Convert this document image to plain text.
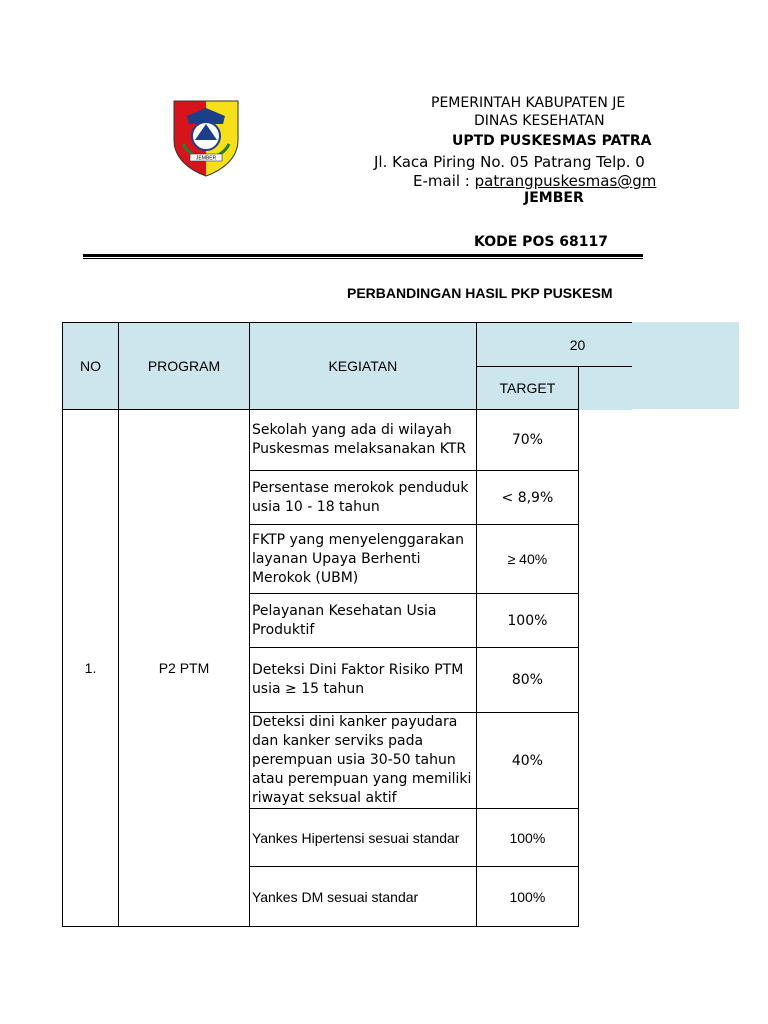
JEMBER
PEMERINTAH KABUPATEN JE
DINAS KESEHATAN
UPTD PUSKESMAS PATRA
Jl. Kaca Piring No. 05 Patrang Telp. 0
E-mail : patrangpuskesmas@gm
JEMBER
KODE POS 68117
PERBANDINGAN HASIL PKP PUSKESM
NO	PROGRAM	KEGIATAN	20	
			TARGET	
1.	P2 PTM	Sekolah yang ada di wilayah Puskesmas melaksanakan KTR	70%	
		Persentase merokok penduduk usia 10 - 18 tahun	< 8,9%	
		FKTP yang menyelenggarakan layanan Upaya Berhenti Merokok (UBM)	≥ 40%	
		Pelayanan Kesehatan Usia Produktif	100%	
		Deteksi Dini Faktor Risiko PTM usia ≥ 15 tahun	80%	
		Deteksi dini kanker payudara dan kanker serviks pada perempuan usia 30-50 tahun atau perempuan yang memiliki riwayat seksual aktif	40%	
		Yankes Hipertensi sesuai standar	100%	
		Yankes DM sesuai standar	100%	
